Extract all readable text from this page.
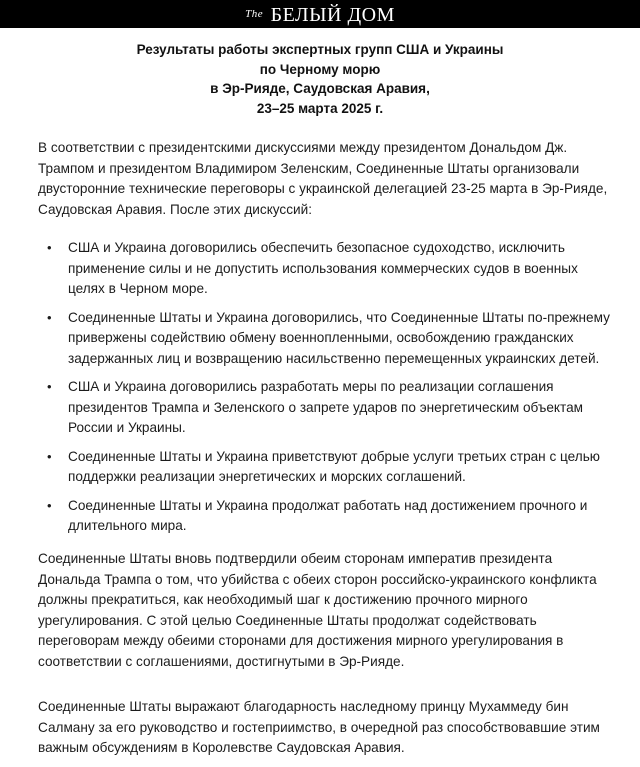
$^{The}$ БЕЛЫЙ ДОМ
Результаты работы экспертных групп США и Украины
по Черному морю
в Эр-Рияде, Саудовская Аравия,
23–25 марта 2025 г.
В соответствии с президентскими дискуссиями между президентом Дональдом Дж. Трампом и президентом Владимиром Зеленским, Соединенные Штаты организовали двусторонние технические переговоры с украинской делегацией 23-25 марта в Эр-Рияде, Саудовская Аравия. После этих дискуссий:
• США и Украина договорились обеспечить безопасное судоходство, исключить применение силы и не допустить использования коммерческих судов в военных целях в Черном море.
• Соединенные Штаты и Украина договорились, что Соединенные Штаты по-прежнему привержены содействию обмену военнопленными, освобождению гражданских задержанных лиц и возвращению насильственно перемещенных украинских детей.
• США и Украина договорились разработать меры по реализации соглашения президентов Трампа и Зеленского о запрете ударов по энергетическим объектам России и Украины.
• Соединенные Штаты и Украина приветствуют добрые услуги третьих стран с целью поддержки реализации энергетических и морских соглашений.
• Соединенные Штаты и Украина продолжат работать над достижением прочного и длительного мира.
Соединенные Штаты вновь подтвердили обеим сторонам императив президента Дональда Трампа о том, что убийства с обеих сторон российско-украинского конфликта должны прекратиться, как необходимый шаг к достижению прочного мирного урегулирования. С этой целью Соединенные Штаты продолжат содействовать переговорам между обеими сторонами для достижения мирного урегулирования в соответствии с соглашениями, достигнутыми в Эр-Рияде.
Соединенные Штаты выражают благодарность наследному принцу Мухаммеду бин Салману за его руководство и гостеприимство, в очередной раз способствовавшие этим важным обсуждениям в Королевстве Саудовская Аравия.
